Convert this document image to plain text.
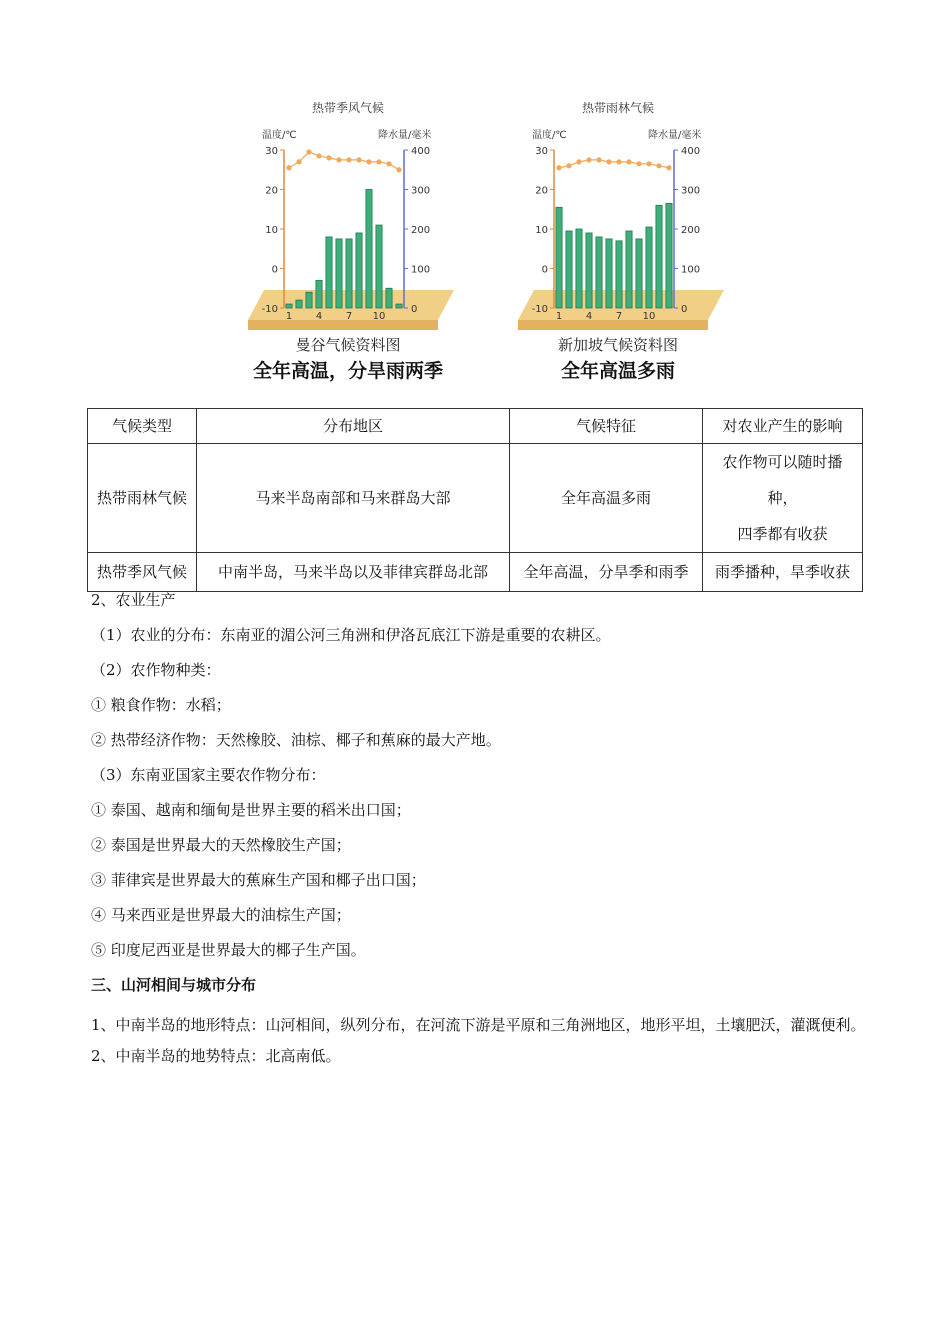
热带季风气候
温度/℃	降水量/毫米
30
20
10
0
-10
400
300
200
100
0
1 4 7 10
曼谷气候资料图
全年高温，分旱雨两季
热带雨林气候
温度/℃	降水量/毫米
30
20
10
0
-10
400
300
200
100
0
1 4 7 10
新加坡气候资料图
全年高温多雨
气候类型	分布地区	气候特征	对农业产生的影响
热带雨林气候	马来半岛南部和马来群岛大部	全年高温多雨	农作物可以随时播
种，
四季都有收获

热带季风气候	中南半岛，马来半岛以及菲律宾群岛北部	全年高温，分旱季和雨季	雨季播种，旱季收获
2、农业生产
（1）农业的分布：东南亚的湄公河三角洲和伊洛瓦底江下游是重要的农耕区。
（2）农作物种类：
① 粮食作物：水稻；
② 热带经济作物：天然橡胶、油棕、椰子和蕉麻的最大产地。
（3）东南亚国家主要农作物分布：
① 泰国、越南和缅甸是世界主要的稻米出口国；
② 泰国是世界最大的天然橡胶生产国；
③ 菲律宾是世界最大的蕉麻生产国和椰子出口国；
④ 马来西亚是世界最大的油棕生产国；
⑤ 印度尼西亚是世界最大的椰子生产国。
三、山河相间与城市分布
1、中南半岛的地形特点：山河相间，纵列分布，在河流下游是平原和三角洲地区，地形平坦，土壤肥沃，灌溉便利。
2、中南半岛的地势特点：北高南低。
